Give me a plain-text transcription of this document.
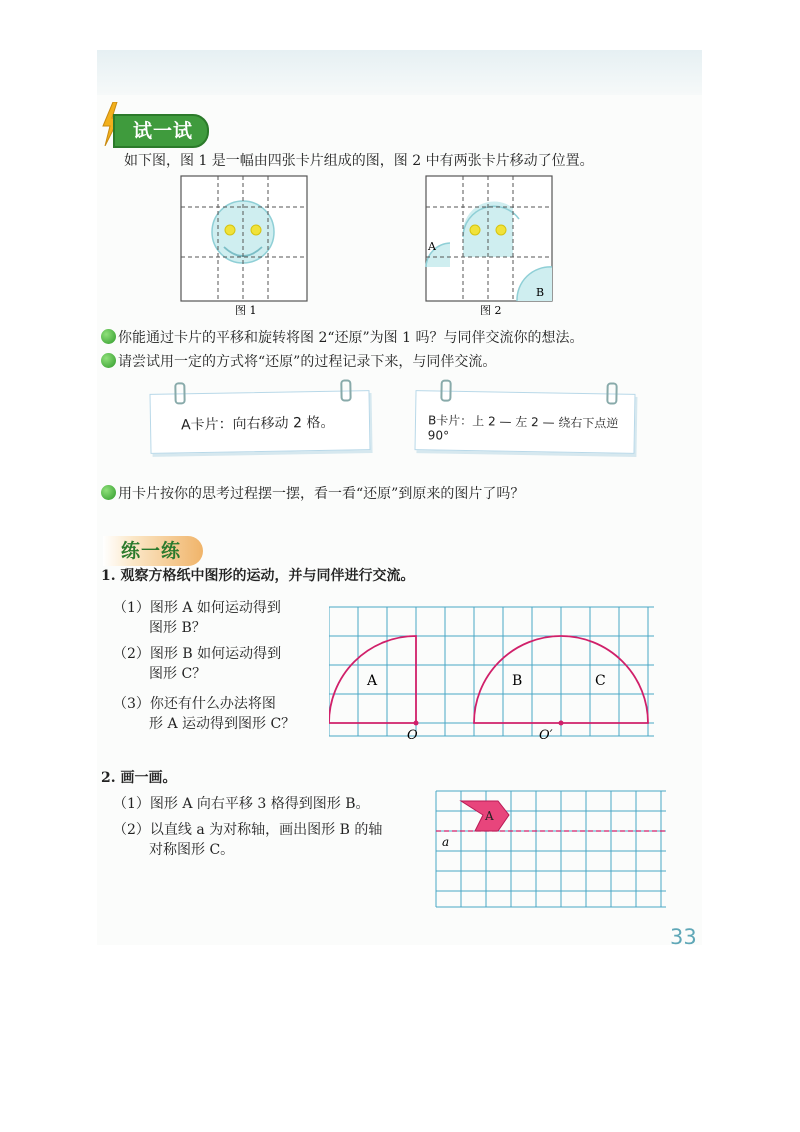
试一试
如下图，图 1 是一幅由四张卡片组成的图，图 2 中有两张卡片移动了位置。
图 1
A
B
图 2
你能通过卡片的平移和旋转将图 2“还原”为图 1 吗？与同伴交流你的想法。
请尝试用一定的方式将“还原”的过程记录下来，与同伴交流。
A卡片：向右移动 2 格。	B卡片：上 2 — 左 2 — 绕右下点逆 90°
用卡片按你的思考过程摆一摆，看一看“还原”到原来的图片了吗？
练一练
1. 观察方格纸中图形的运动，并与同伴进行交流。
（1）图形 A 如何运动得到
图形 B？
（2）图形 B 如何运动得到
图形 C？
（3）你还有什么办法将图
形 A 运动得到图形 C？
A	B	C
O	O′
2. 画一画。
（1）图形 A 向右平移 3 格得到图形 B。
（2）以直线 a 为对称轴，画出图形 B 的轴
对称图形 C。
A
a
33
